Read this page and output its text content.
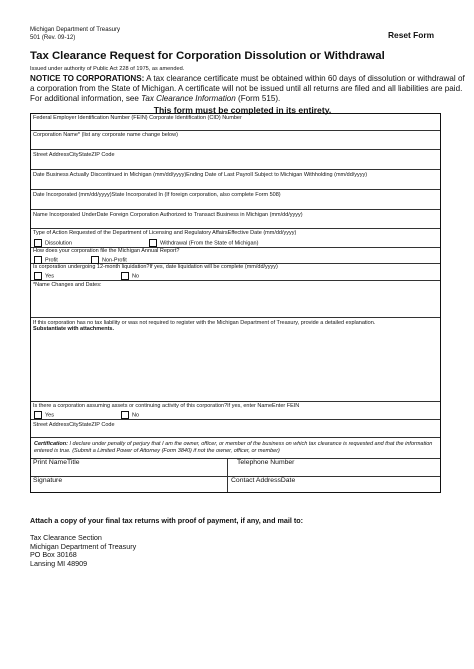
Michigan Department of Treasury
501 (Rev. 09-12)	Reset Form
Tax Clearance Request for Corporation Dissolution or Withdrawal
Issued under authority of Public Act 228 of 1975, as amended.
NOTICE TO CORPORATIONS: A tax clearance certificate must be obtained within 60 days of dissolution or withdrawal of
a corporation from the State of Michigan. A certificate will not be issued until all returns are filed and all liabilities are paid.
For additional information, see Tax Clearance Information (Form 515).
This form must be completed in its entirety.
Federal Employer Identification Number (FEIN) Corporate Identification (CID) Number
Corporation Name* (list any corporate name change below)
Street AddressCityStateZIP Code
Date Business Actually Discontinued in Michigan (mm/dd/yyyy)Ending Date of Last Payroll Subject to Michigan Withholding (mm/dd/yyyy)
Date Incorporated (mm/dd/yyyy)State Incorporated In (If foreign corporation, also complete Form 508)
Name Incorporated UnderDate Foreign Corporation Authorized to Transact Business in Michigan (mm/dd/yyyy)
Type of Action Requested of the Department of Licensing and Regulatory AffairsEffective Date (mm/dd/yyyy)
Dissolution	Withdrawal (From the State of Michigan)
How does your corporation file the Michigan Annual Report?
Profit	Non-Profit
Is corporation undergoing 12-month liquidation?If yes, date liquidation will be complete (mm/dd/yyyy)
Yes	No
*Name Changes and Dates:
If this corporation has no tax liability or was not required to register with the Michigan Department of Treasury, provide a detailed explanation.
Substantiate with attachments.
Is there a corporation assuming assets or continuing activity of this corporation?If yes, enter NameEnter FEIN
Yes	No
Street AddressCityStateZIP Code
Certification: I declare under penalty of perjury that I am the owner, officer, or member of the business on which tax clearance is requested and that the information entered is true. (Submit a Limited Power of Attorney (Form 3840) if not the owner, officer, or member)
Print NameTitle	Telephone Number
Signature	Contact AddressDate
Attach a copy of your final tax returns with proof of payment, if any, and mail to:
Tax Clearance Section
Michigan Department of Treasury
PO Box 30168
Lansing MI 48909
